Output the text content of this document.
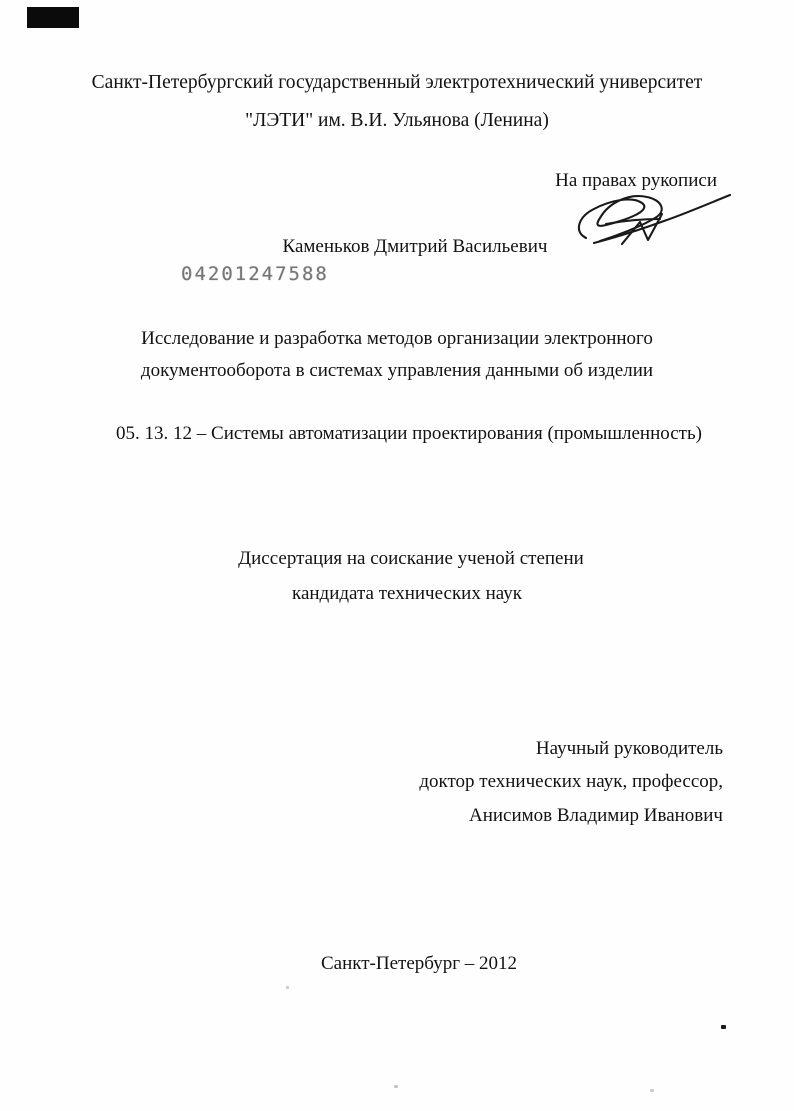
Санкт-Петербургский государственный электротехнический университет
"ЛЭТИ" им. В.И. Ульянова (Ленина)
На правах рукописи
Каменьков Дмитрий Васильевич
04201247588
Исследование и разработка методов организации электронного
документооборота в системах управления данными об изделии
05. 13. 12 – Системы автоматизации проектирования (промышленность)
Диссертация на соискание ученой степени
кандидата технических наук
Научный руководитель
доктор технических наук, профессор,
Анисимов Владимир Иванович
Санкт-Петербург – 2012
